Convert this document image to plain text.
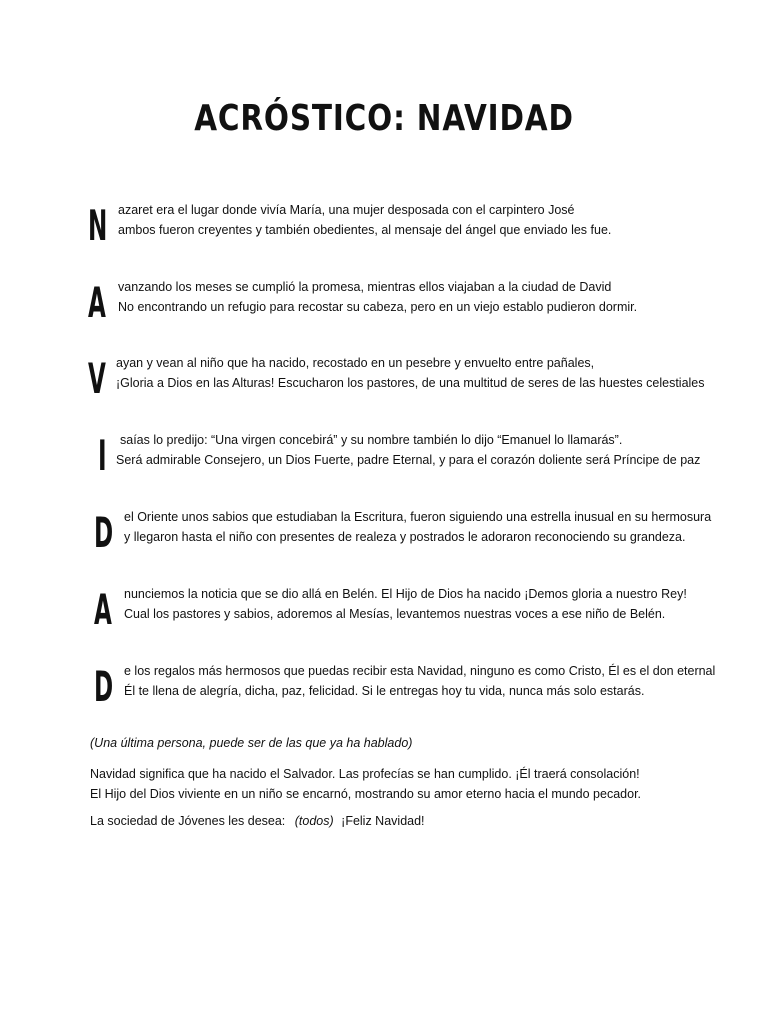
ACRÓSTICO: NAVIDAD
N azaret era el lugar donde vivía María, una mujer desposada con el carpintero José
ambos fueron creyentes y también obedientes, al mensaje del ángel que enviado les fue.
A vanzando los meses se cumplió la promesa, mientras ellos viajaban a la ciudad de David
No encontrando un refugio para recostar su cabeza, pero en un viejo establo pudieron dormir.
V ayan y vean al niño que ha nacido, recostado en un pesebre y envuelto entre pañales,
¡Gloria a Dios en las Alturas! Escucharon los pastores, de una multitud de seres de las huestes celestiales
I	saías lo predijo: “Una virgen concebirá” y su nombre también lo dijo “Emanuel lo llamarás”.
Será admirable Consejero, un Dios Fuerte, padre Eternal, y para el corazón doliente será Príncipe de paz
D el Oriente unos sabios que estudiaban la Escritura, fueron siguiendo una estrella inusual en su hermosura
y llegaron hasta el niño con presentes de realeza y postrados le adoraron reconociendo su grandeza.
A nunciemos la noticia que se dio allá en Belén. El Hijo de Dios ha nacido ¡Demos gloria a nuestro Rey!
Cual los pastores y sabios, adoremos al Mesías, levantemos nuestras voces a ese niño de Belén.
D e los regalos más hermosos que puedas recibir esta Navidad, ninguno es como Cristo, Él es el don eternal
Él te llena de alegría, dicha, paz, felicidad. Si le entregas hoy tu vida, nunca más solo estarás.
(Una última persona, puede ser de las que ya ha hablado)
Navidad significa que ha nacido el Salvador. Las profecías se han cumplido. ¡Él traerá consolación!
El Hijo del Dios viviente en un niño se encarnó, mostrando su amor eterno hacia el mundo pecador.
La sociedad de Jóvenes les desea: (todos) ¡Feliz Navidad!
